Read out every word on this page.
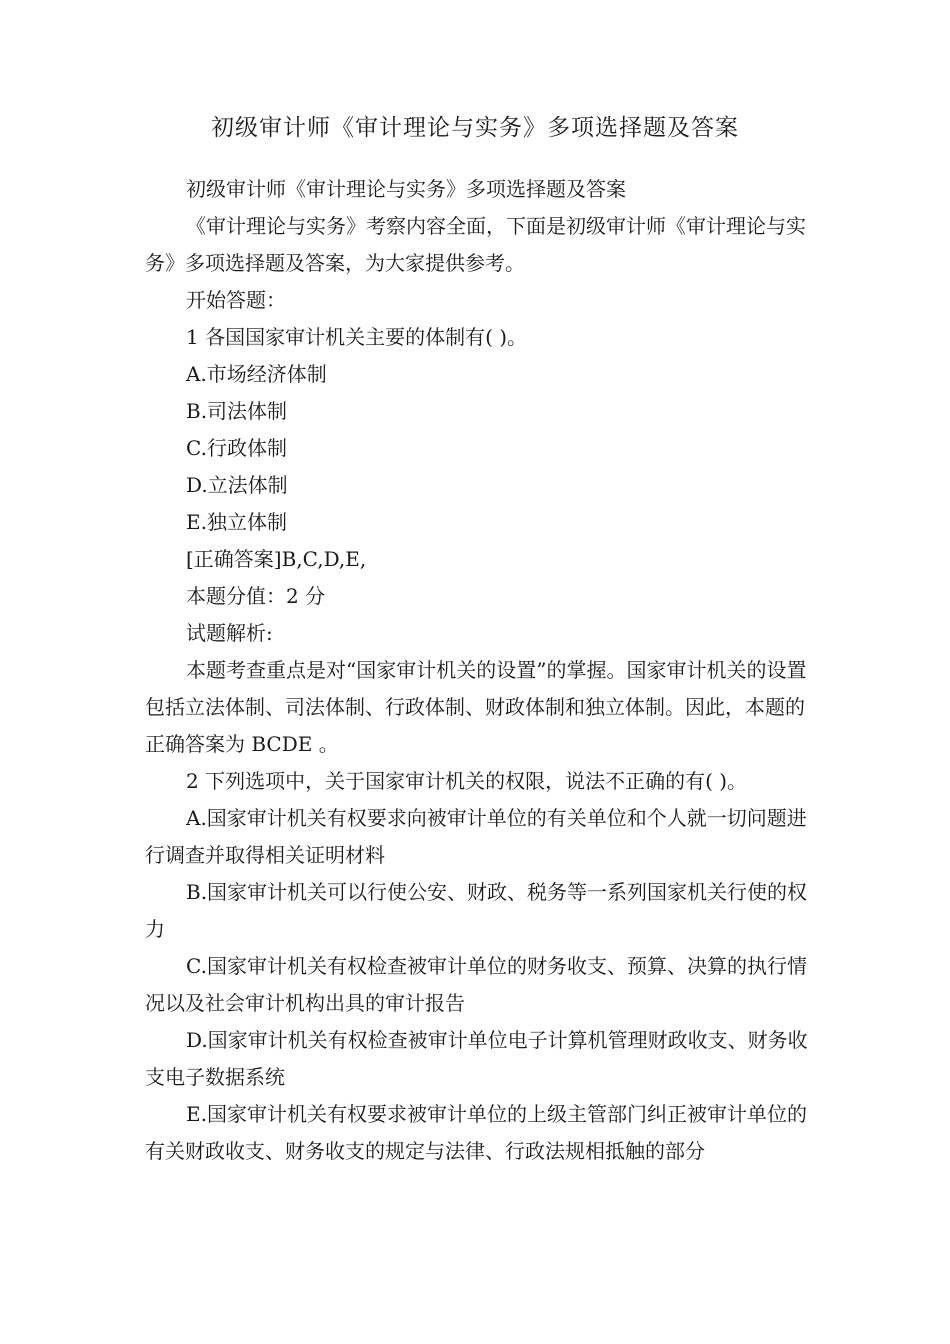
初级审计师《审计理论与实务》多项选择题及答案

初级审计师《审计理论与实务》多项选择题及答案

《审计理论与实务》考察内容全面，下面是初级审计师《审计理论与实务》多项选择题及答案，为大家提供参考。

开始答题：

1 各国国家审计机关主要的体制有( )。

A.市场经济体制

B.司法体制

C.行政体制

D.立法体制

E.独立体制

[正确答案]B,C,D,E,

本题分值：2 分

试题解析:

本题考查重点是对“国家审计机关的设置”的掌握。国家审计机关的设置包括立法体制、司法体制、行政体制、财政体制和独立体制。因此，本题的正确答案为 BCDE 。

2 下列选项中，关于国家审计机关的权限，说法不正确的有( )。

A.国家审计机关有权要求向被审计单位的有关单位和个人就一切问题进行调查并取得相关证明材料

B.国家审计机关可以行使公安、财政、税务等一系列国家机关行使的权力

C.国家审计机关有权检查被审计单位的财务收支、预算、决算的执行情况以及社会审计机构出具的审计报告

D.国家审计机关有权检查被审计单位电子计算机管理财政收支、财务收支电子数据系统

E.国家审计机关有权要求被审计单位的上级主管部门纠正被审计单位的有关财政收支、财务收支的规定与法律、行政法规相抵触的部分
